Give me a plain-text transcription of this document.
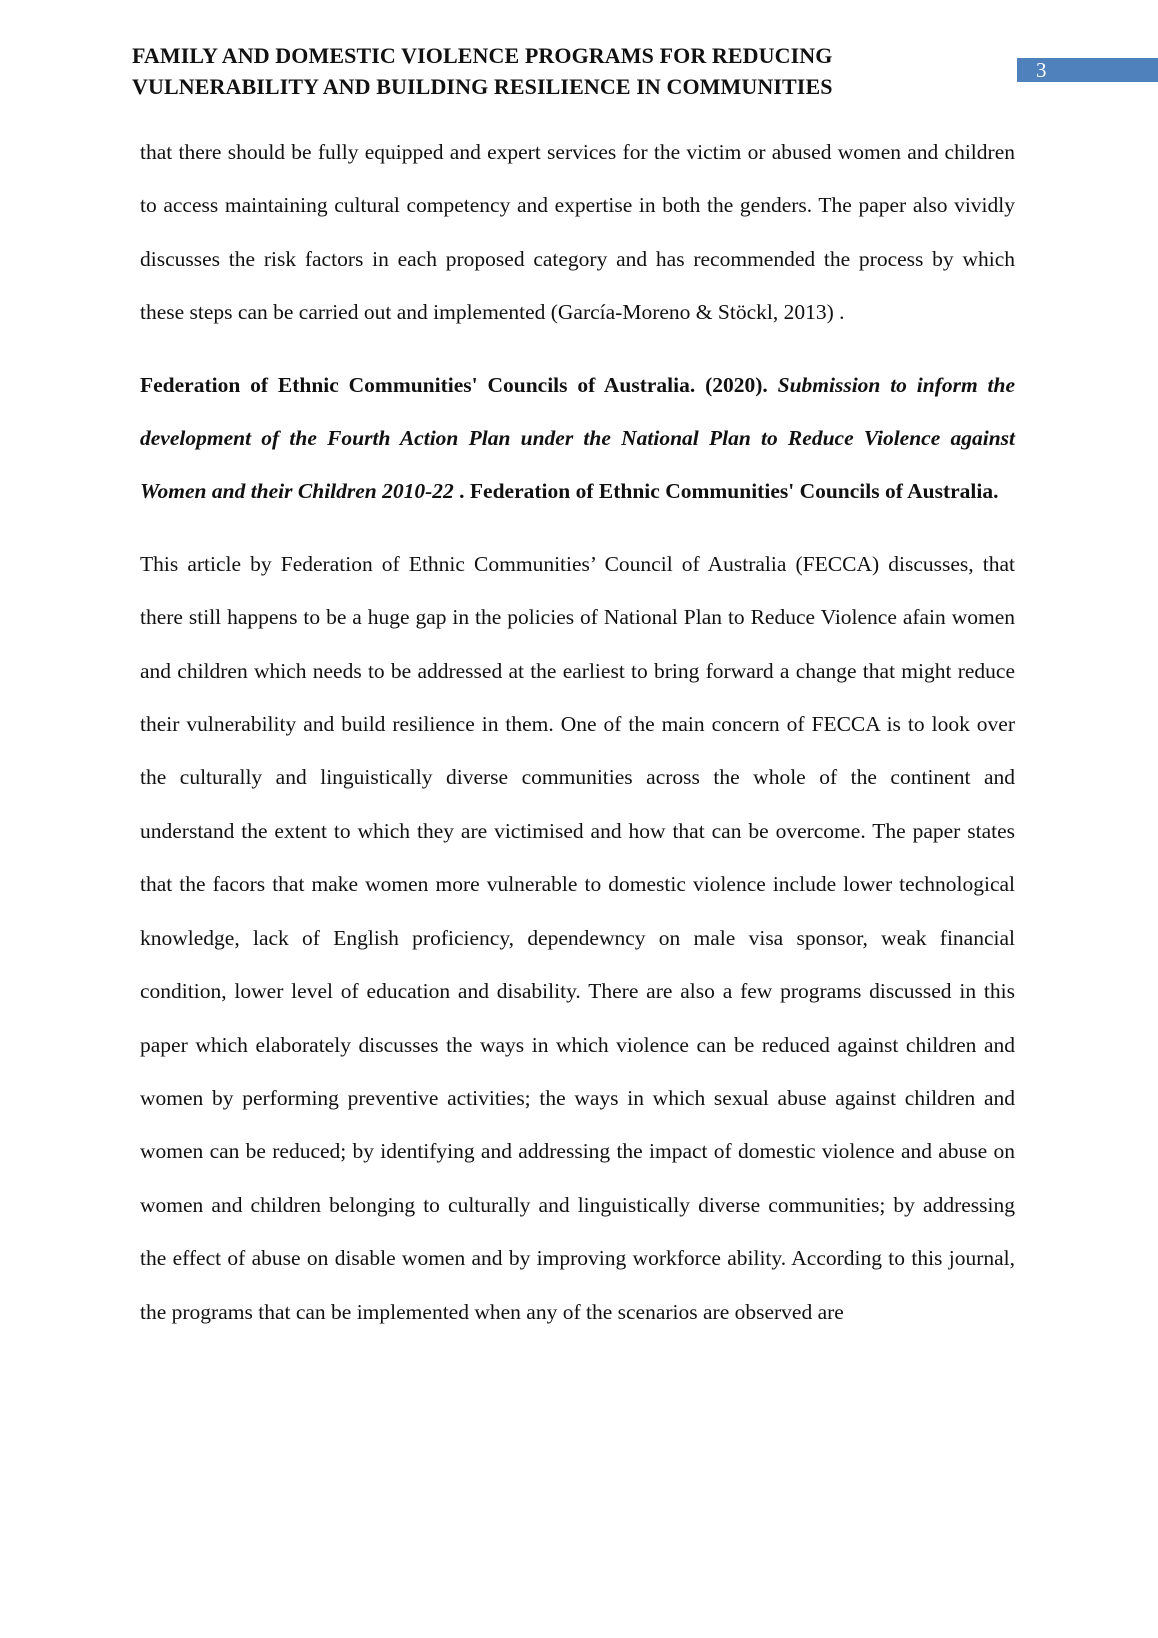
FAMILY AND DOMESTIC VIOLENCE PROGRAMS FOR REDUCING
VULNERABILITY AND BUILDING RESILIENCE IN COMMUNITIES
3

that there should be fully equipped and expert services for the victim or abused women and children to access maintaining cultural competency and expertise in both the genders. The paper also vividly discusses the risk factors in each proposed category and has recommended the process by which these steps can be carried out and implemented (García-Moreno & Stöckl, 2013) .

Federation of Ethnic Communities' Councils of Australia. (2020). Submission to inform the development of the Fourth Action Plan under the National Plan to Reduce Violence against Women and their Children 2010-22 . Federation of Ethnic Communities' Councils of Australia.

This article by Federation of Ethnic Communities’ Council of Australia (FECCA) discusses, that there still happens to be a huge gap in the policies of National Plan to Reduce Violence afain women and children which needs to be addressed at the earliest to bring forward a change that might reduce their vulnerability and build resilience in them. One of the main concern of FECCA is to look over the culturally and linguistically diverse communities across the whole of the continent and understand the extent to which they are victimised and how that can be overcome. The paper states that the facors that make women more vulnerable to domestic violence include lower technological knowledge, lack of English proficiency, dependewncy on male visa sponsor, weak financial condition, lower level of education and disability. There are also a few programs discussed in this paper which elaborately discusses the ways in which violence can be reduced against children and women by performing preventive activities; the ways in which sexual abuse against children and women can be reduced; by identifying and addressing the impact of domestic violence and abuse on women and children belonging to culturally and linguistically diverse communities; by addressing the effect of abuse on disable women and by improving workforce ability. According to this journal, the programs that can be implemented when any of the scenarios are observed are
